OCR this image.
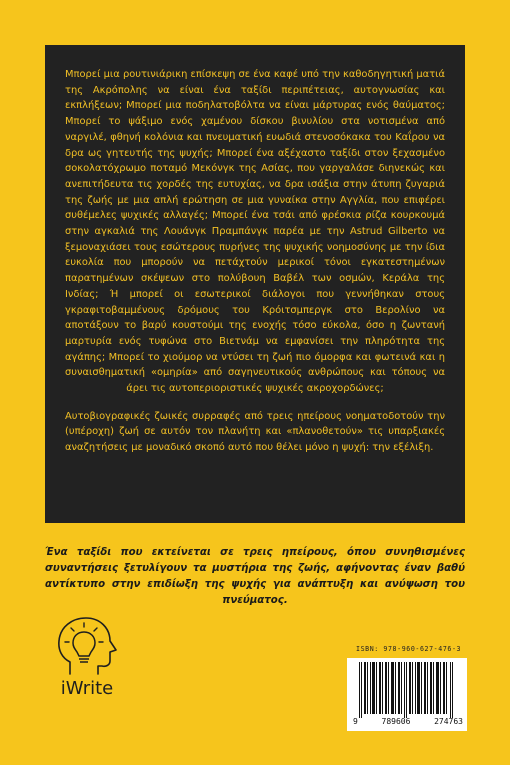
Μπορεί μια ρουτινιάρικη επίσκεψη σε ένα καφέ υπό την καθοδηγητική ματιά της Ακρόπολης να είναι ένα ταξίδι περιπέτειας, αυτογνωσίας και εκπλήξεων; Μπορεί μια ποδηλατοβόλτα να είναι μάρτυρας ενός θαύματος; Μπορεί το ψάξιμο ενός χαμένου δίσκου βινυλίου στα νοτισμένα από ναργιλέ, φθηνή κολόνια και πνευματική ευωδιά στενοσόκακα του Καΐρου να δρα ως γητευτής της ψυχής; Μπορεί ένα αξέχαστο ταξίδι στον ξεχασμένο σοκολατόχρωμο ποταμό Μεκόνγκ της Ασίας, που γαργαλάσε διηνεκώς και ανεπιτήδευτα τις χορδές της ευτυχίας, να δρα ισάξια στην άτυπη ζυγαριά της ζωής με μια απλή ερώτηση σε μια γυναίκα στην Αγγλία, που επιφέρει συθέμελες ψυχικές αλλαγές; Μπορεί ένα τσάι από φρέσκια ρίζα κουρκουμά στην αγκαλιά της Λουάνγκ Πραμπάνγκ παρέα με την Astrud Gilberto να ξεμοναχιάσει τους εσώτερους πυρήνες της ψυχικής νοημοσύνης με την ίδια ευκολία που μπορούν να πετάχτούν μερικοί τόνοι εγκατεστημένων παρατημένων σκέψεων στο πολύβουη Βαβέλ των οσμών, Κεράλα της Ινδίας; Ή μπορεί οι εσωτερικοί διάλογοι που γεννήθηκαν στους γκραφιτοβαμμένους δρόμους του Κρόιτσμπεργκ στο Βερολίνο να αποτάξουν το βαρύ κουστούμι της ενοχής τόσο εύκολα, όσο η ζωντανή μαρτυρία ενός τυφώνα στο Βιετνάμ να εμφανίσει την πληρότητα της αγάπης; Μπορεί το χιούμορ να ντύσει τη ζωή πιο όμορφα και φωτεινά και η συναισθηματική «ομηρία» από σαγηνευτικούς ανθρώπους και τόπους να άρει τις αυτοπεριοριστικές ψυχικές ακροχορδώνες;

Αυτοβιογραφικές ζωικές συρραφές από τρεις ηπείρους νοηματοδοτούν την (υπέροχη) ζωή σε αυτόν τον πλανήτη και «πλανοθετούν» τις υπαρξιακές αναζητήσεις με μοναδικό σκοπό αυτό που θέλει μόνο η ψυχή: την εξέλιξη.

Ένα ταξίδι που εκτείνεται σε τρεις ηπείρους, όπου συνηθισμένες συναντήσεις ξετυλίγουν τα μυστήρια της ζωής, αφήνοντας έναν βαθύ αντίκτυπο στην επιδίωξη της ψυχής για ανάπτυξη και ανύψωση του πνεύματος.

iWrite
ISBN: 978-960-627-476-3
9	789606	274763
